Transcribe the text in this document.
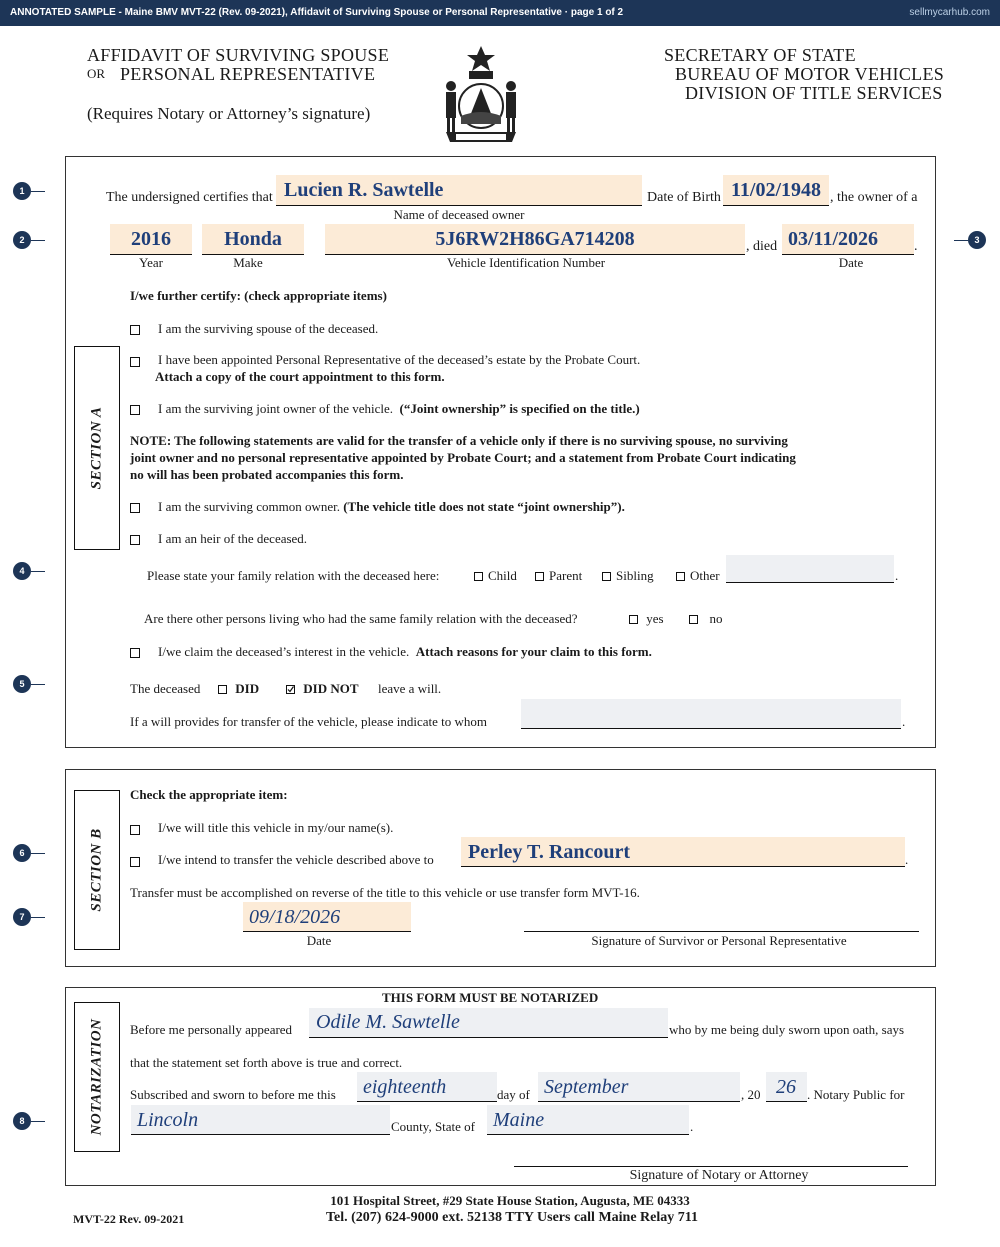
ANNOTATED SAMPLE - Maine BMV MVT-22 (Rev. 09-2021), Affidavit of Surviving Spouse or Personal Representative · page 1 of 2	sellmycarhub.com
AFFIDAVIT OF SURVIVING SPOUSE
OR PERSONAL REPRESENTATIVE
(Requires Notary or Attorney’s signature)
SECRETARY OF STATE
BUREAU OF MOTOR VEHICLES
DIVISION OF TITLE SERVICES
1
2	3
4
5
6
7
8
The undersigned certifies that Lucien R. Sawtelle
Name of deceased owner
Date of Birth 11/02/1948 , the owner of a
2016
Year
Honda
Make
5J6RW2H86GA714208
Vehicle Identification Number
, died 03/11/2026
Date
.
SECTION A
I/we further certify: (check appropriate items)
I am the surviving spouse of the deceased.
I have been appointed Personal Representative of the deceased’s estate by the Probate Court.
Attach a copy of the court appointment to this form.
I am the surviving joint owner of the vehicle. (“Joint ownership” is specified on the title.)
NOTE: The following statements are valid for the transfer of a vehicle only if there is no surviving spouse, no surviving
joint owner and no personal representative appointed by Probate Court; and a statement from Probate Court indicating
no will has been probated accompanies this form.
I am the surviving common owner. (The vehicle title does not state “joint ownership”).
I am an heir of the deceased.
Please state your family relation with the deceased here:	Child	Parent	Sibling	Other	.
Are there other persons living who had the same family relation with the deceased?	yes	no
I/we claim the deceased’s interest in the vehicle. Attach reasons for your claim to this form.
The deceased	DID	DID NOT leave a will.
If a will provides for transfer of the vehicle, please indicate to whom	.
SECTION B
Check the appropriate item:
I/we will title this vehicle in my/our name(s).
I/we intend to transfer the vehicle described above to Perley T. Rancourt	.
Transfer must be accomplished on reverse of the title to this vehicle or use transfer form MVT-16.
09/18/2026
Date	Signature of Survivor or Personal Representative
NOTARIZATION
THIS FORM MUST BE NOTARIZED
Before me personally appeared Odile M. Sawtelle	who by me being duly sworn upon oath, says
that the statement set forth above is true and correct.
Subscribed and sworn to before me this eighteenth	day of September	, 20 26 . Notary Public for
Lincoln	County, State of Maine	.
Signature of Notary or Attorney
MVT-22 Rev. 09-2021
101 Hospital Street, #29 State House Station, Augusta, ME 04333
Tel. (207) 624-9000 ext. 52138 TTY Users call Maine Relay 711
